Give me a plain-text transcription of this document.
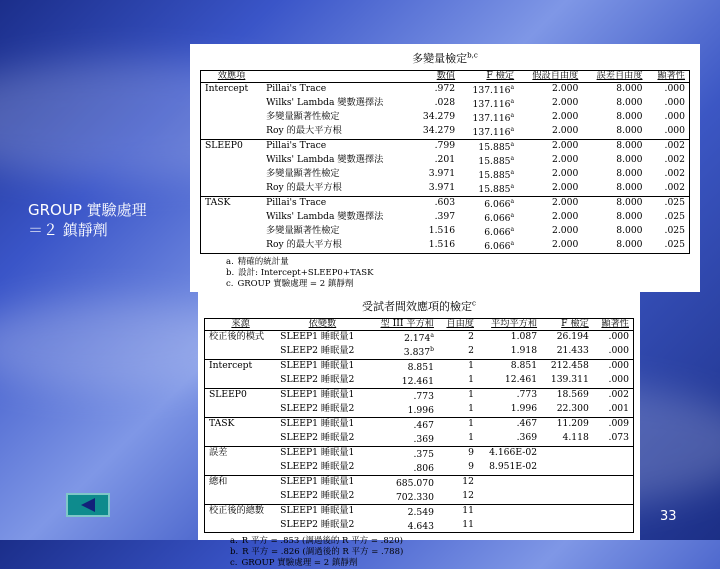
GROUP 實驗處理
＝２ 鎮靜劑
多變量檢定$^{b,c}$
效應項		數值	F 檢定	假設自由度	誤差自由度	顯著性
Intercept	Pillai's Trace	.972	137.116$^a$	2.000	8.000	.000
	Wilks' Lambda 變數選擇法	.028	137.116$^a$	2.000	8.000	.000
	多變量顯著性檢定	34.279	137.116$^a$	2.000	8.000	.000
	Roy 的最大平方根	34.279	137.116$^a$	2.000	8.000	.000
SLEEP0	Pillai's Trace	.799	15.885$^a$	2.000	8.000	.002
	Wilks' Lambda 變數選擇法	.201	15.885$^a$	2.000	8.000	.002
	多變量顯著性檢定	3.971	15.885$^a$	2.000	8.000	.002
	Roy 的最大平方根	3.971	15.885$^a$	2.000	8.000	.002
TASK	Pillai's Trace	.603	6.066$^a$	2.000	8.000	.025
	Wilks' Lambda 變數選擇法	.397	6.066$^a$	2.000	8.000	.025
	多變量顯著性檢定	1.516	6.066$^a$	2.000	8.000	.025
	Roy 的最大平方根	1.516	6.066$^a$	2.000	8.000	.025
a. 精確的統計量
b. 設計: Intercept+SLEEP0+TASK
c. GROUP 實驗處理 = 2 鎮靜劑
受試者間效應項的檢定$^c$
來源	依變數	型 III 平方和	自由度	平均平方和	F 檢定	顯著性
校正後的模式	SLEEP1 睡眠量1	2.174$^a$	2	1.087	26.194	.000
	SLEEP2 睡眠量2	3.837$^b$	2	1.918	21.433	.000
Intercept	SLEEP1 睡眠量1	8.851	1	8.851	212.458	.000
	SLEEP2 睡眠量2	12.461	1	12.461	139.311	.000
SLEEP0	SLEEP1 睡眠量1	.773	1	.773	18.569	.002
	SLEEP2 睡眠量2	1.996	1	1.996	22.300	.001
TASK	SLEEP1 睡眠量1	.467	1	.467	11.209	.009
	SLEEP2 睡眠量2	.369	1	.369	4.118	.073
誤差	SLEEP1 睡眠量1	.375	9	4.166E-02		
	SLEEP2 睡眠量2	.806	9	8.951E-02		
總和	SLEEP1 睡眠量1	685.070	12			
	SLEEP2 睡眠量2	702.330	12			
校正後的總數	SLEEP1 睡眠量1	2.549	11			
	SLEEP2 睡眠量2	4.643	11			
a. R 平方 = .853 (調過後的 R 平方 = .820)
b. R 平方 = .826 (調過後的 R 平方 = .788)
c. GROUP 實驗處理 = 2 鎮靜劑
33
